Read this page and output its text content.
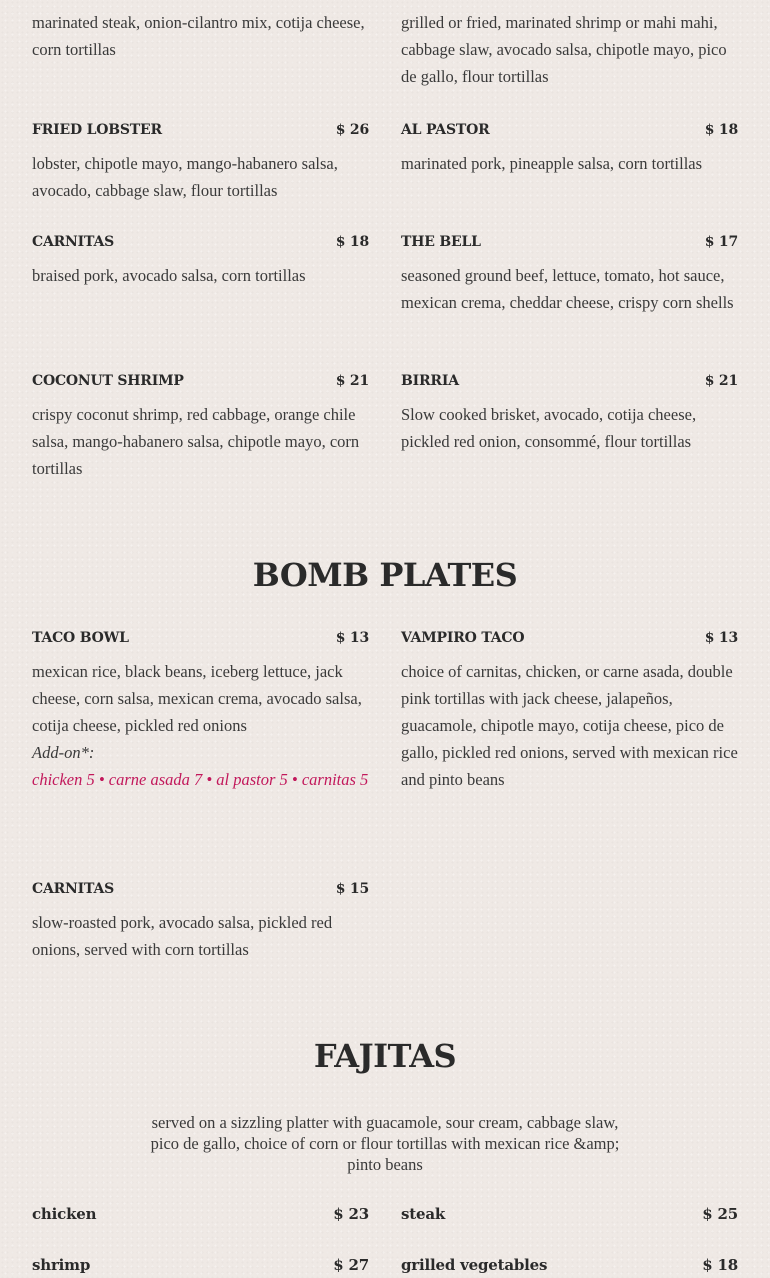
marinated steak, onion-cilantro mix, cotija cheese, corn tortillas
grilled or fried, marinated shrimp or mahi mahi, cabbage slaw, avocado salsa, chipotle mayo, pico de gallo, flour tortillas
FRIED LOBSTER	$ 26
lobster, chipotle mayo, mango-habanero salsa, avocado, cabbage slaw, flour tortillas
AL PASTOR	$ 18
marinated pork, pineapple salsa, corn tortillas
CARNITAS	$ 18
braised pork, avocado salsa, corn tortillas
THE BELL	$ 17
seasoned ground beef, lettuce, tomato, hot sauce, mexican crema, cheddar cheese, crispy corn shells
COCONUT SHRIMP	$ 21
crispy coconut shrimp, red cabbage, orange chile salsa, mango-habanero salsa, chipotle mayo, corn tortillas
BIRRIA	$ 21
Slow cooked brisket, avocado, cotija cheese, pickled red onion, consommé, flour tortillas
BOMB PLATES
TACO BOWL	$ 13
mexican rice, black beans, iceberg lettuce, jack cheese, corn salsa, mexican crema, avocado salsa, cotija cheese, pickled red onions
Add-on*:
chicken 5 • carne asada 7 • al pastor 5 • carnitas 5
VAMPIRO TACO	$ 13
choice of carnitas, chicken, or carne asada, double pink tortillas with jack cheese, jalapeños, guacamole, chipotle mayo, cotija cheese, pico de gallo, pickled red onions, served with mexican rice and pinto beans
CARNITAS	$ 15
slow-roasted pork, avocado salsa, pickled red onions, served with corn tortillas
FAJITAS
served on a sizzling platter with guacamole, sour cream, cabbage slaw, pico de gallo, choice of corn or flour tortillas with mexican rice &amp; pinto beans
chicken	$ 23 steak	$ 25
shrimp	$ 27 grilled vegetables	$ 18
